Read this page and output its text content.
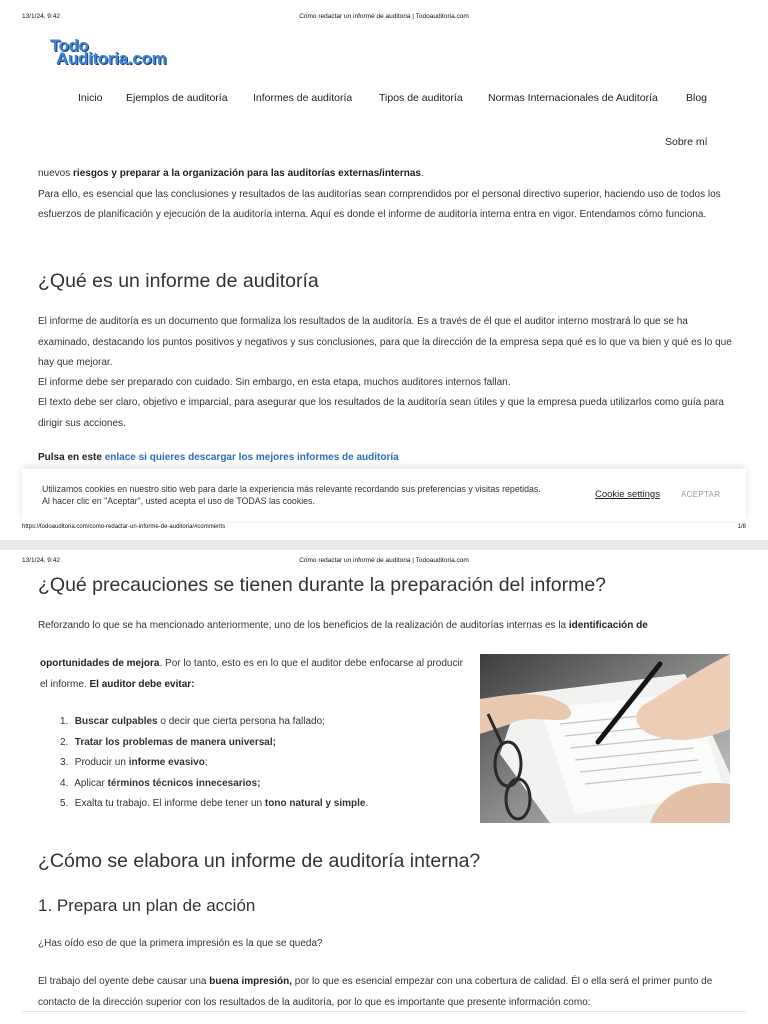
13/1/24, 9:42	Cómo redactar un informe de auditoria | Todoauditoria.com
Todo
Auditoria.com
Inicio Ejemplos de auditoría Informes de auditoría	Tipos de auditoría Normas Internacionales de Auditoría	Blog
Sobre mí
nuevos riesgos y preparar a la organización para las auditorías externas/internas.
Para ello, es esencial que las conclusiones y resultados de las auditorías sean comprendidos por el personal directivo superior, haciendo uso de todos los esfuerzos de planificación y ejecución de la auditoría interna. Aquí es donde el informe de auditoría interna entra en vigor. Entendamos cómo funciona.
¿Qué es un informe de auditoría

El informe de auditoría es un documento que formaliza los resultados de la auditoría. Es a través de él que el auditor interno mostrará lo que se ha examinado, destacando los puntos positivos y negativos y sus conclusiones, para que la dirección de la empresa sepa qué es lo que va bien y qué es lo que hay que mejorar.

El informe debe ser preparado con cuidado. Sin embargo, en esta etapa, muchos auditores internos fallan.

El texto debe ser claro, objetivo e imparcial, para asegurar que los resultados de la auditoría sean útiles y que la empresa pueda utilizarlos como guía para dirigir sus acciones.

Pulsa en este enlace si quieres descargar los mejores informes de auditoría

Utilizamos cookies en nuestro sitio web para darle la experiencia más relevante recordando sus preferencias y visitas repetidas. Al hacer clic en "Aceptar", usted acepta el uso de TODAS las cookies.

Cookie settings	ACEPTAR
https://todoauditoria.com/como-redactar-un-informe-de-auditoria/#comments	1/8
13/1/24, 9:42	Cómo redactar un informe de auditoria | Todoauditoria.com
¿Qué precauciones se tienen durante la preparación del informe?

Reforzando lo que se ha mencionado anteriormente, uno de los beneficios de la realización de auditorías internas es la identificación de

oportunidades de mejora. Por lo tanto, esto es en lo que el auditor debe enfocarse al producir el informe. El auditor debe evitar:

1. Buscar culpables o decir que cierta persona ha fallado;
2. Tratar los problemas de manera universal;
3. Producir un informe evasivo;
4. Aplicar términos técnicos innecesarios;
5. Exalta tu trabajo. El informe debe tener un tono natural y simple.
¿Cómo se elabora un informe de auditoría interna?
1. Prepara un plan de acción

¿Has oído eso de que la primera impresión es la que se queda?

El trabajo del oyente debe causar una buena impresión, por lo que es esencial empezar con una cobertura de calidad. Él o ella será el primer punto de contacto de la dirección superior con los resultados de la auditoría, por lo que es importante que presente información como:
